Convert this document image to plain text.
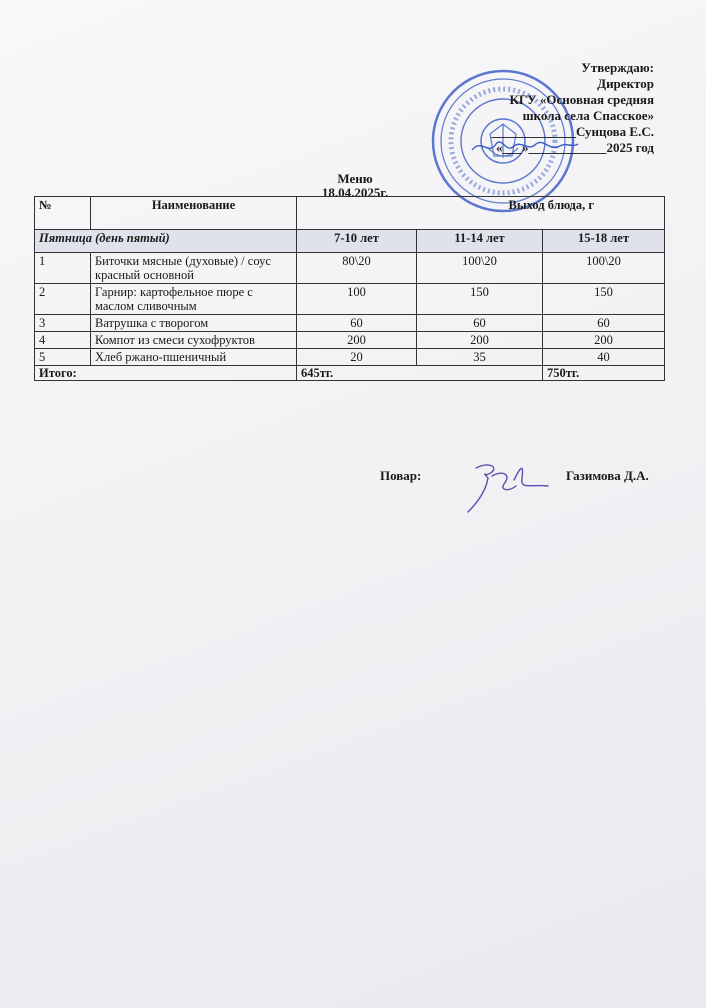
Утверждаю:
Директор
КГУ «Основная средняя
школа села Спасское»
_____________Сунцова Е.С.
«___»____________2025 год
Меню
18.04.2025г.
№	Наименование	Выход блюда, г		
Пятница (день пятый)		7-10 лет	11-14 лет	15-18 лет
1	Биточки мясные (духовые) / соус красный основной	80\20	100\20	100\20
2	Гарнир: картофельное пюре с маслом сливочным	100	150	150
3	Ватрушка с творогом	60	60	60
4	Компот из смеси сухофруктов	200	200	200
5	Хлеб ржано-пшеничный	20	35	40
Итого:		645тг.		750тг.
Повар:	Газимова Д.А.
